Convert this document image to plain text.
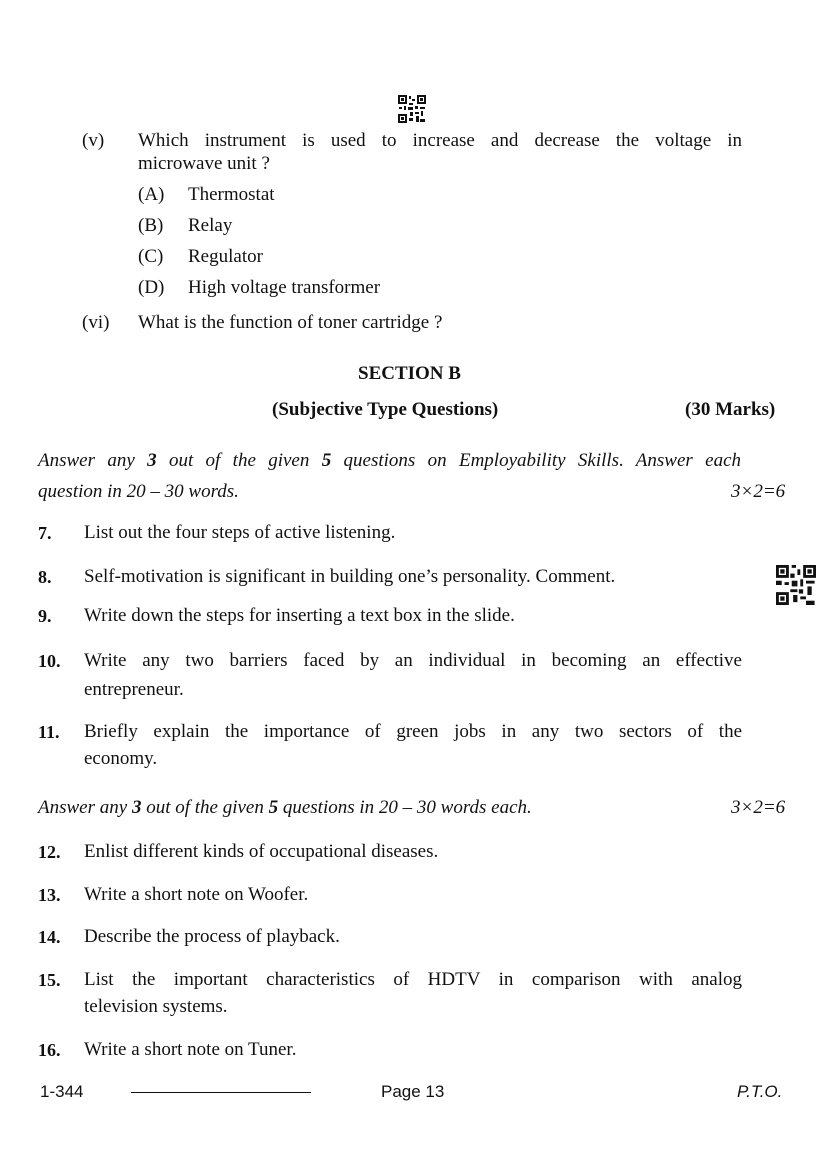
(v) Which instrument is used to increase and decrease the voltage in
microwave unit ?
(A) Thermostat
(B) Relay
(C) Regulator
(D) High voltage transformer
(vi) What is the function of toner cartridge ?
SECTION B
(Subjective Type Questions)	(30 Marks)
Answer any 3 out of the given 5 questions on Employability Skills. Answer each
question in 20 – 30 words.	3×2=6
7. List out the four steps of active listening.
8. Self-motivation is significant in building one’s personality. Comment.
9. Write down the steps for inserting a text box in the slide.
10. Write any two barriers faced by an individual in becoming an effective
entrepreneur.
11. Briefly explain the importance of green jobs in any two sectors of the
economy.
Answer any 3 out of the given 5 questions in 20 – 30 words each.	3×2=6
12. Enlist different kinds of occupational diseases.
13. Write a short note on Woofer.
14. Describe the process of playback.
15. List the important characteristics of HDTV in comparison with analog
television systems.
16. Write a short note on Tuner.
1-344	Page 13	P.T.O.
